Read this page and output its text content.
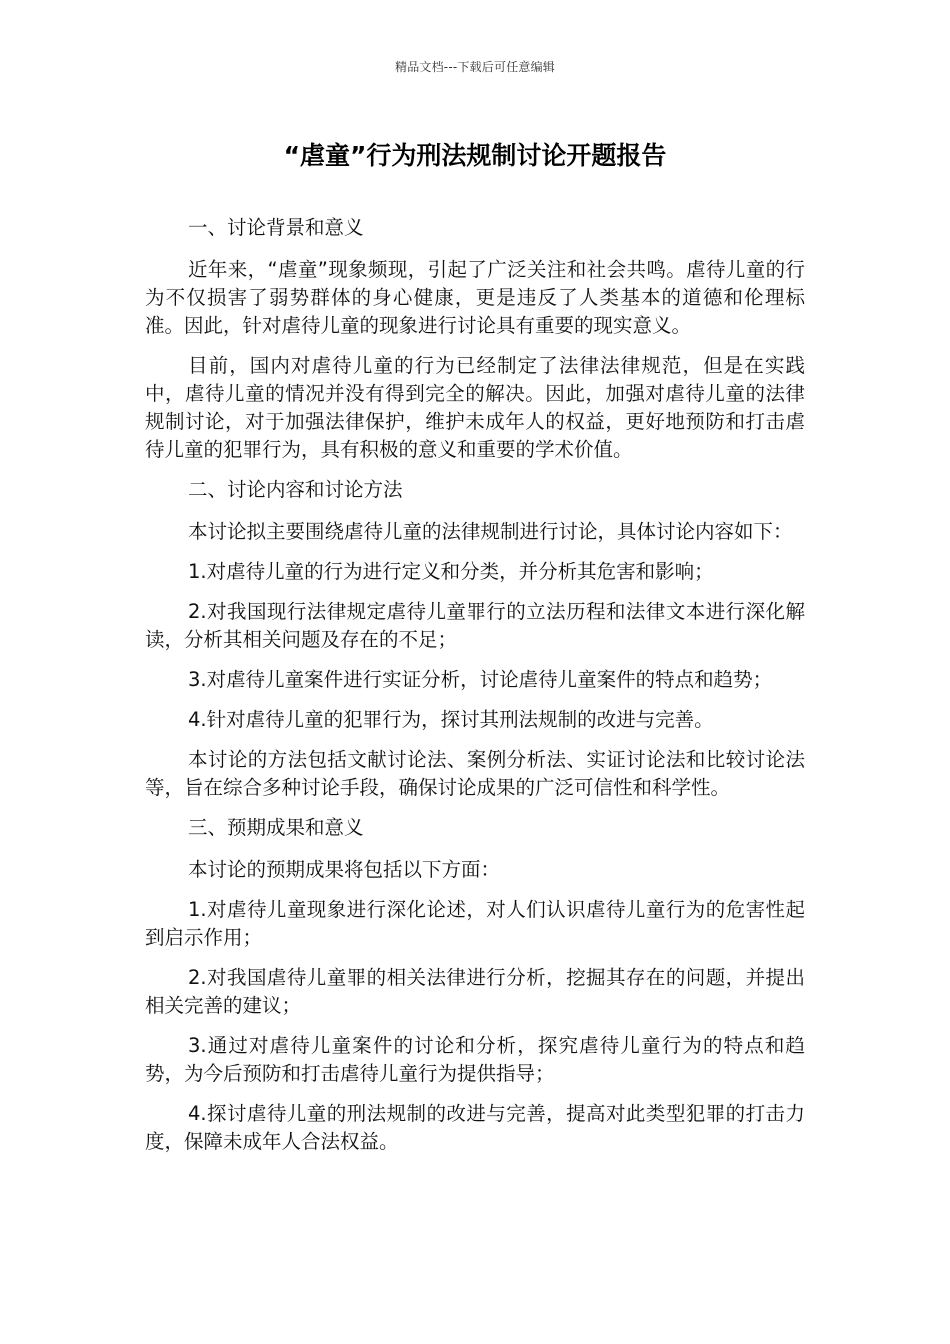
精品文档---下载后可任意编辑
“虐童”行为刑法规制讨论开题报告

一、讨论背景和意义

近年来，“虐童”现象频现，引起了广泛关注和社会共鸣。虐待儿童的行为不仅损害了弱势群体的身心健康，更是违反了人类基本的道德和伦理标准。因此，针对虐待儿童的现象进行讨论具有重要的现实意义。

目前，国内对虐待儿童的行为已经制定了法律法律规范，但是在实践中，虐待儿童的情况并没有得到完全的解决。因此，加强对虐待儿童的法律规制讨论，对于加强法律保护，维护未成年人的权益，更好地预防和打击虐待儿童的犯罪行为，具有积极的意义和重要的学术价值。

二、讨论内容和讨论方法

本讨论拟主要围绕虐待儿童的法律规制进行讨论，具体讨论内容如下：

1.对虐待儿童的行为进行定义和分类，并分析其危害和影响；

2.对我国现行法律规定虐待儿童罪行的立法历程和法律文本进行深化解读，分析其相关问题及存在的不足；

3.对虐待儿童案件进行实证分析，讨论虐待儿童案件的特点和趋势；

4.针对虐待儿童的犯罪行为，探讨其刑法规制的改进与完善。

本讨论的方法包括文献讨论法、案例分析法、实证讨论法和比较讨论法等，旨在综合多种讨论手段，确保讨论成果的广泛可信性和科学性。

三、预期成果和意义

本讨论的预期成果将包括以下方面：

1.对虐待儿童现象进行深化论述，对人们认识虐待儿童行为的危害性起到启示作用；

2.对我国虐待儿童罪的相关法律进行分析，挖掘其存在的问题，并提出相关完善的建议；

3.通过对虐待儿童案件的讨论和分析，探究虐待儿童行为的特点和趋势，为今后预防和打击虐待儿童行为提供指导；

4.探讨虐待儿童的刑法规制的改进与完善，提高对此类型犯罪的打击力度，保障未成年人合法权益。
